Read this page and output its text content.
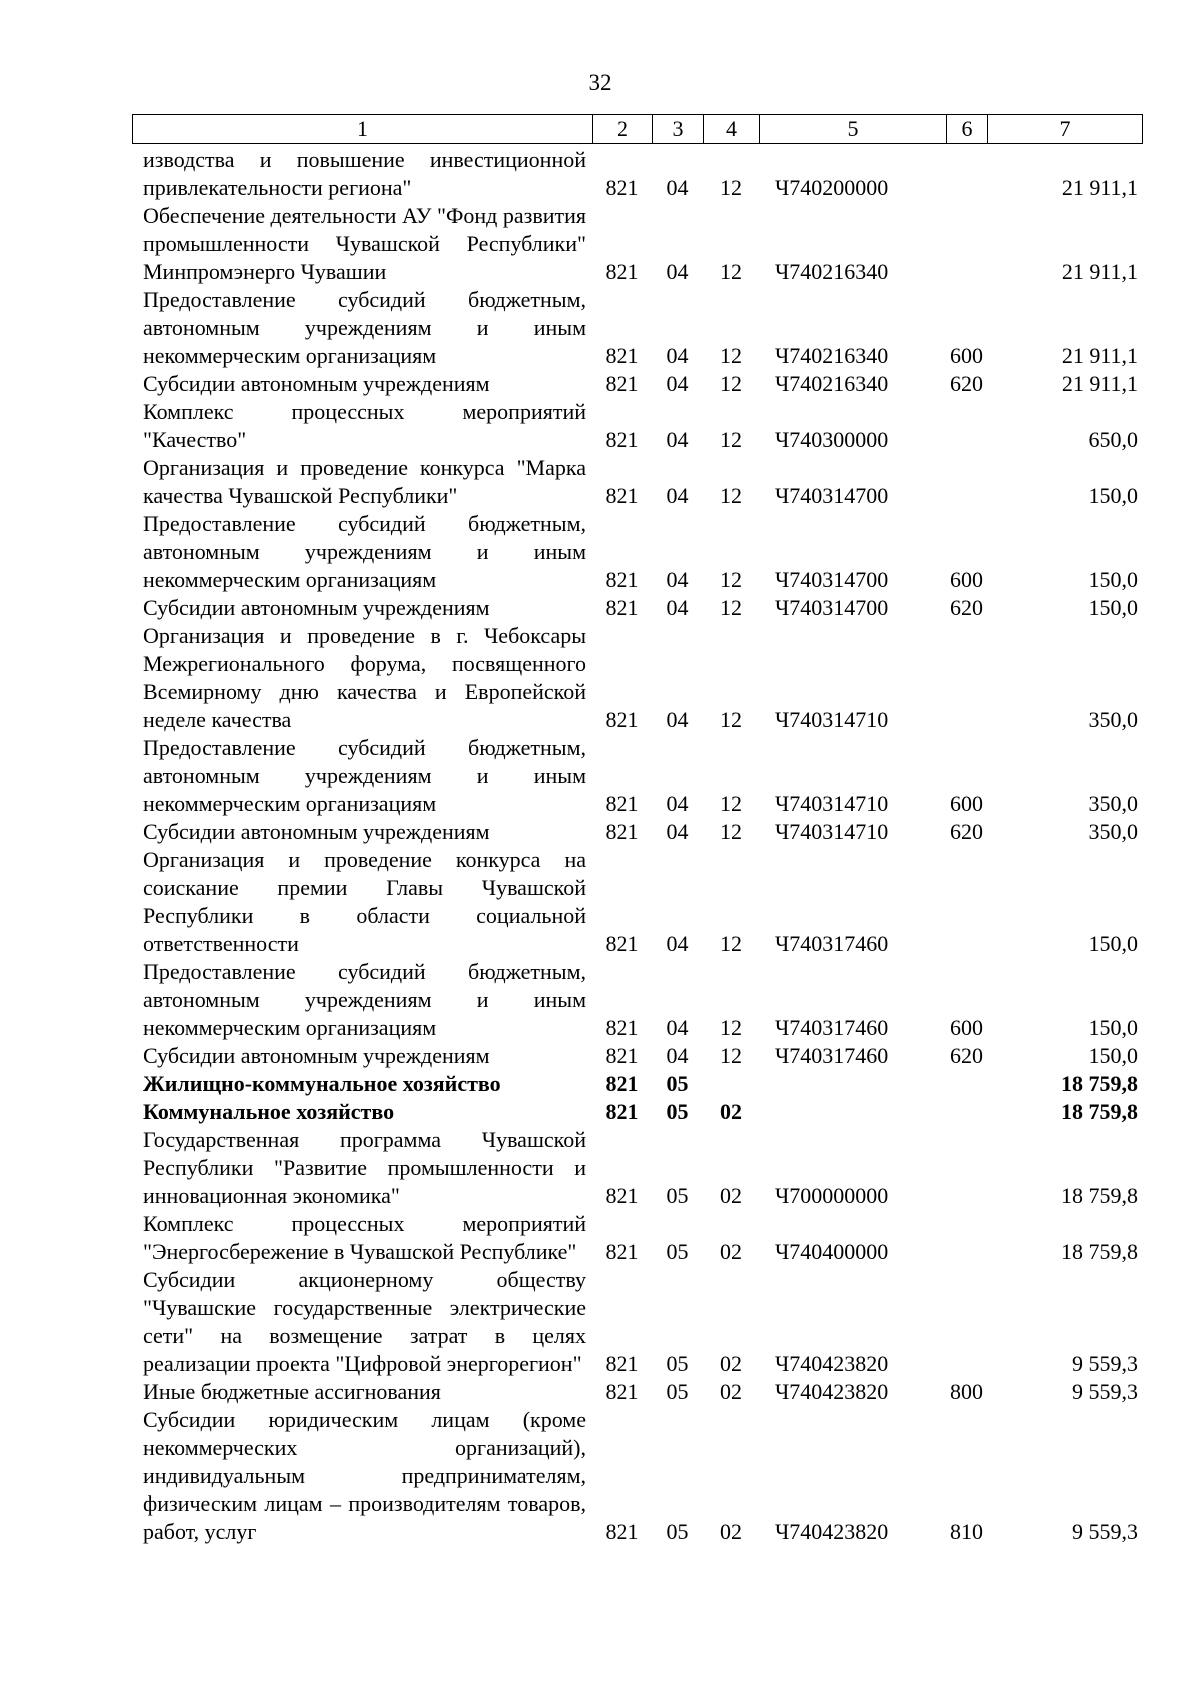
32
1	2	3	4	5	6	7
изводства и повышение инвестиционной привлекательности региона"	821	04	12	Ч740200000		21 911,1
Обеспечение деятельности АУ "Фонд развития промышленности Чувашской Республики" Минпромэнерго Чувашии	821	04	12	Ч740216340		21 911,1
Предоставление субсидий бюджетным, автономным учреждениям и иным некоммерческим организациям	821	04	12	Ч740216340	600	21 911,1
Субсидии автономным учреждениям	821	04	12	Ч740216340	620	21 911,1
Комплекс процессных мероприятий "Качество"	821	04	12	Ч740300000		650,0
Организация и проведение конкурса "Марка качества Чувашской Республики"	821	04	12	Ч740314700		150,0
Предоставление субсидий бюджетным, автономным учреждениям и иным некоммерческим организациям	821	04	12	Ч740314700	600	150,0
Субсидии автономным учреждениям	821	04	12	Ч740314700	620	150,0
Организация и проведение в г. Чебоксары Межрегионального форума, посвященного Всемирному дню качества и Европейской неделе качества	821	04	12	Ч740314710		350,0
Предоставление субсидий бюджетным, автономным учреждениям и иным некоммерческим организациям	821	04	12	Ч740314710	600	350,0
Субсидии автономным учреждениям	821	04	12	Ч740314710	620	350,0
Организация и проведение конкурса на соискание премии Главы Чувашской Республики в области социальной ответственности	821	04	12	Ч740317460		150,0
Предоставление субсидий бюджетным, автономным учреждениям и иным некоммерческим организациям	821	04	12	Ч740317460	600	150,0
Субсидии автономным учреждениям	821	04	12	Ч740317460	620	150,0
Жилищно-коммунальное хозяйство	821	05				18 759,8
Коммунальное хозяйство	821	05	02			18 759,8
Государственная программа Чувашской Республики "Развитие промышленности и инновационная экономика"	821	05	02	Ч700000000		18 759,8
Комплекс процессных мероприятий "Энергосбережение в Чувашской Республике"	821	05	02	Ч740400000		18 759,8
Субсидии акционерному обществу "Чувашские государственные электрические сети" на возмещение затрат в целях реализации проекта "Цифровой энергорегион"	821	05	02	Ч740423820		9 559,3
Иные бюджетные ассигнования	821	05	02	Ч740423820	800	9 559,3
Субсидии юридическим лицам (кроме некоммерческих организаций), индивидуальным предпринимателям, физическим лицам – производителям товаров, работ, услуг	821	05	02	Ч740423820	810	9 559,3
